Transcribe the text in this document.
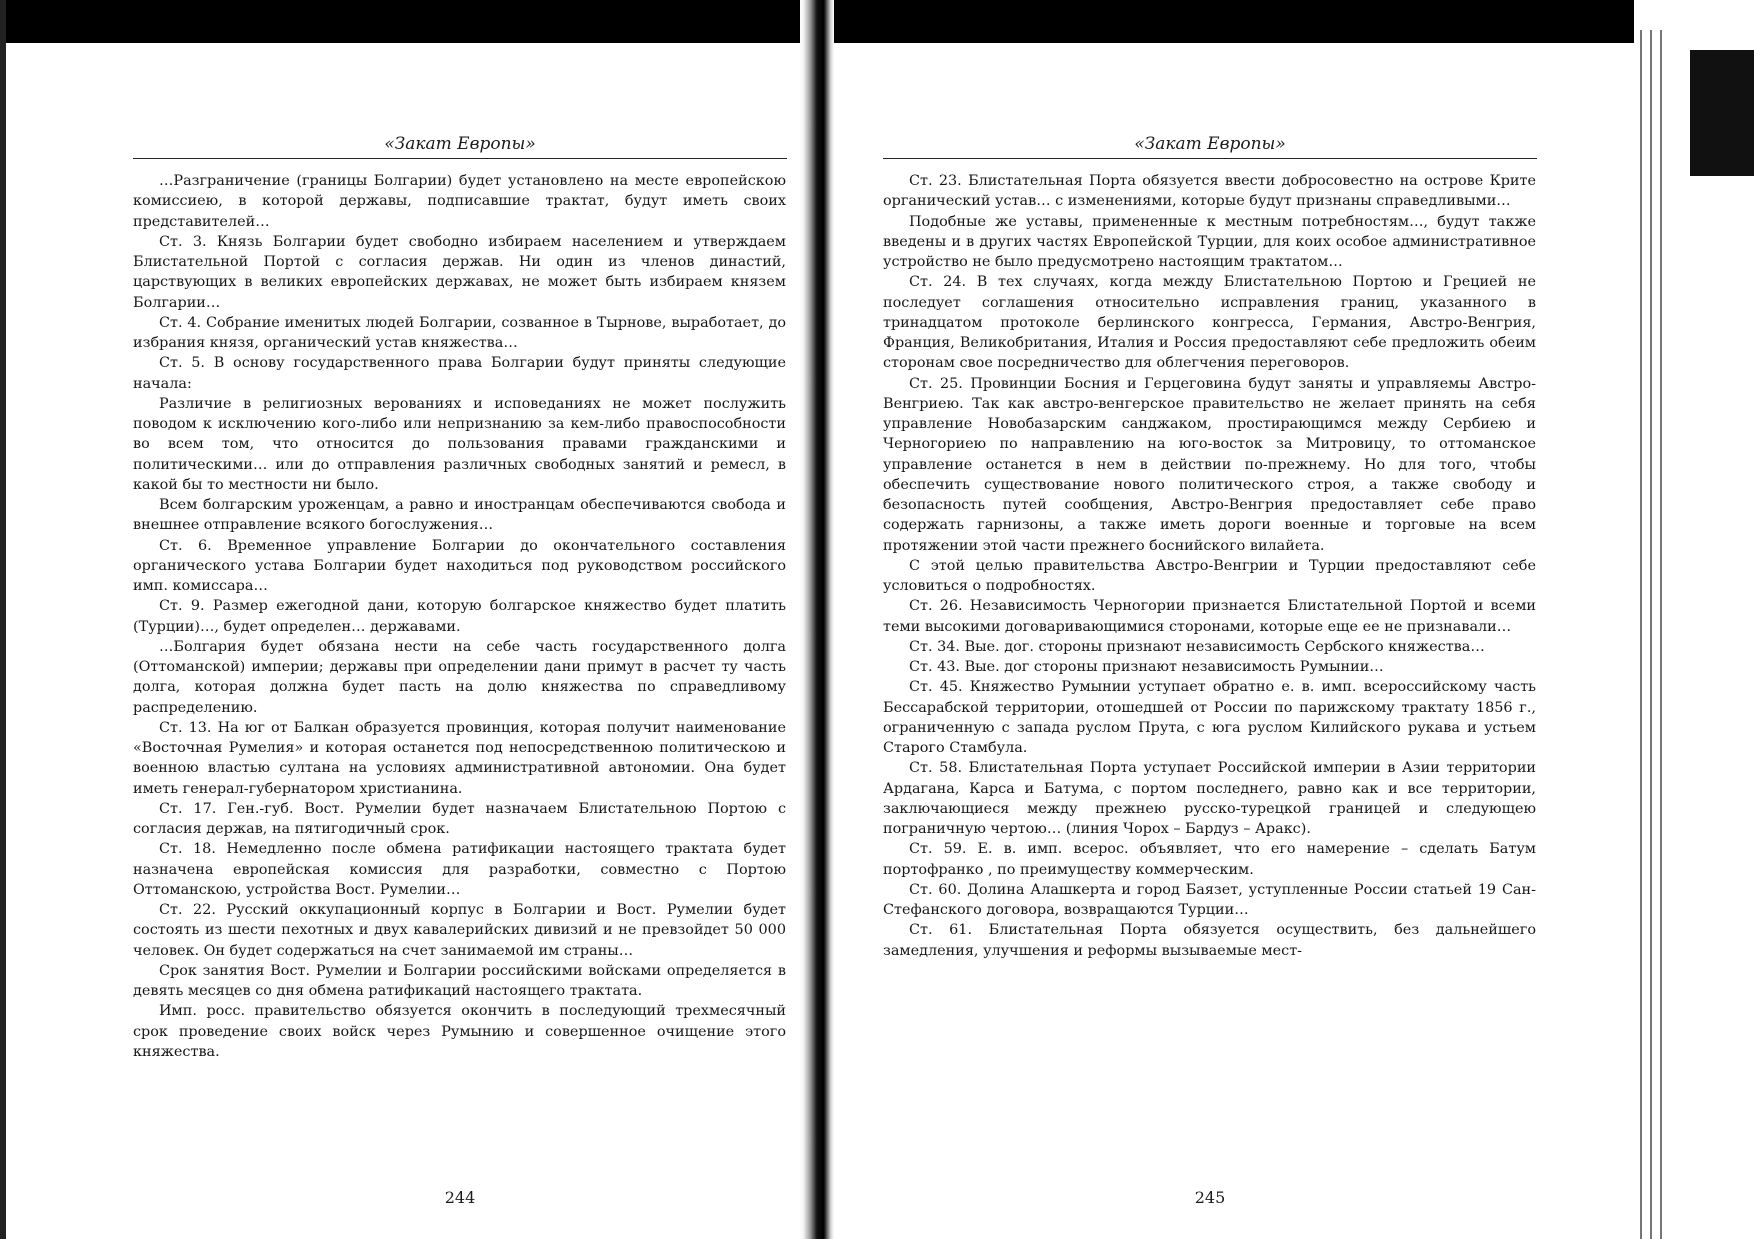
«Закат Европы»

…Разграничение (границы Болгарии) будет установлено на месте европейскою комиссиею, в которой державы, подписавшие трактат, будут иметь своих представителей…

Ст. 3. Князь Болгарии будет свободно избираем населением и утверждаем Блистательной Портой с согласия держав. Ни один из членов династий, царствующих в великих европейских державах, не может быть избираем князем Болгарии…

Ст. 4. Собрание именитых людей Болгарии, созванное в Тырнове, выработает, до избрания князя, органический устав княжества…

Ст. 5. В основу государственного права Болгарии будут приняты следующие начала:

Различие в религиозных верованиях и исповеданиях не может послужить поводом к исключению кого-либо или непризнанию за кем-либо правоспособности во всем том, что относится до пользования правами гражданскими и политическими… или до отправления различных свободных занятий и ремесл, в какой бы то местности ни было.

Всем болгарским уроженцам, а равно и иностранцам обеспечиваются свобода и внешнее отправление всякого богослужения…

Ст. 6. Временное управление Болгарии до окончательного составления органического устава Болгарии будет находиться под руководством российского имп. комиссара…

Ст. 9. Размер ежегодной дани, которую болгарское княжество будет платить (Турции)…, будет определен… державами.

…Болгария будет обязана нести на себе часть государственного долга (Оттоманской) империи; державы при определении дани примут в расчет ту часть долга, которая должна будет пасть на долю княжества по справедливому распределению.

Ст. 13. На юг от Балкан образуется провинция, которая получит наименование «Восточная Румелия» и которая останется под непосредственною политическою и военною властью султана на условиях административной автономии. Она будет иметь генерал-губернатором христианина.

Ст. 17. Ген.-губ. Вост. Румелии будет назначаем Блистательною Портою с согласия держав, на пятигодичный срок.

Ст. 18. Немедленно после обмена ратификации настоящего трактата будет назначена европейская комиссия для разработки, совместно с Портою Оттоманскою, устройства Вост. Румелии…

Ст. 22. Русский оккупационный корпус в Болгарии и Вост. Румелии будет состоять из шести пехотных и двух кавалерийских дивизий и не превзойдет 50 000 человек. Он будет содержаться на счет занимаемой им страны…

Срок занятия Вост. Румелии и Болгарии российскими войсками определяется в девять месяцев со дня обмена ратификаций настоящего трактата.

Имп. росс. правительство обязуется окончить в последующий трехмесячный срок проведение своих войск через Румынию и совершенное очищение этого княжества.

244
«Закат Европы»

Ст. 23. Блистательная Порта обязуется ввести добросовестно на острове Крите органический устав… с изменениями, которые будут признаны справедливыми…

Подобные же уставы, примененные к местным потребностям…, будут также введены и в других частях Европейской Турции, для коих особое административное устройство не было предусмотрено настоящим трактатом…

Ст. 24. В тех случаях, когда между Блистательною Портою и Грецией не последует соглашения относительно исправления границ, указанного в тринадцатом протоколе берлинского конгресса, Германия, Австро-Венгрия, Франция, Великобритания, Италия и Россия предоставляют себе предложить обеим сторонам свое посредничество для облегчения переговоров.

Ст. 25. Провинции Босния и Герцеговина будут заняты и управляемы Австро-Венгриею. Так как австро-венгерское правительство не желает принять на себя управление Новобазарским санджаком, простирающимся между Сербиею и Черногориею по направлению на юго-восток за Митровицу, то оттоманское управление останется в нем в действии по-прежнему. Но для того, чтобы обеспечить существование нового политического строя, а также свободу и безопасность путей сообщения, Австро-Венгрия предоставляет себе право содержать гарнизоны, а также иметь дороги военные и торговые на всем протяжении этой части прежнего боснийского вилайета.

С этой целью правительства Австро-Венгрии и Турции предоставляют себе условиться о подробностях.

Ст. 26. Независимость Черногории признается Блистательной Портой и всеми теми высокими договаривающимися сторонами, которые еще ее не признавали…

Ст. 34. Вые. дог. стороны признают независимость Сербского княжества…

Ст. 43. Вые. дог стороны признают независимость Румынии…

Ст. 45. Княжество Румынии уступает обратно е. в. имп. всероссийскому часть Бессарабской территории, отошедшей от России по парижскому трактату 1856 г., ограниченную с запада руслом Прута, с юга руслом Килийского рукава и устьем Старого Стамбула.

Ст. 58. Блистательная Порта уступает Российской империи в Азии территории Ардагана, Карса и Батума, с портом последнего, равно как и все территории, заключающиеся между прежнею русско-турецкой границей и следующею пограничную чертою… (линия Чорох – Бардуз – Аракс).

Ст. 59. Е. в. имп. всерос. объявляет, что его намерение – сделать Батум портофранко , по преимуществу коммерческим.

Ст. 60. Долина Алашкерта и город Баязет, уступленные России статьей 19 Сан-Стефанского договора, возвращаются Турции…

Ст. 61. Блистательная Порта обязуется осуществить, без дальнейшего замедления, улучшения и реформы вызываемые мест-

245
